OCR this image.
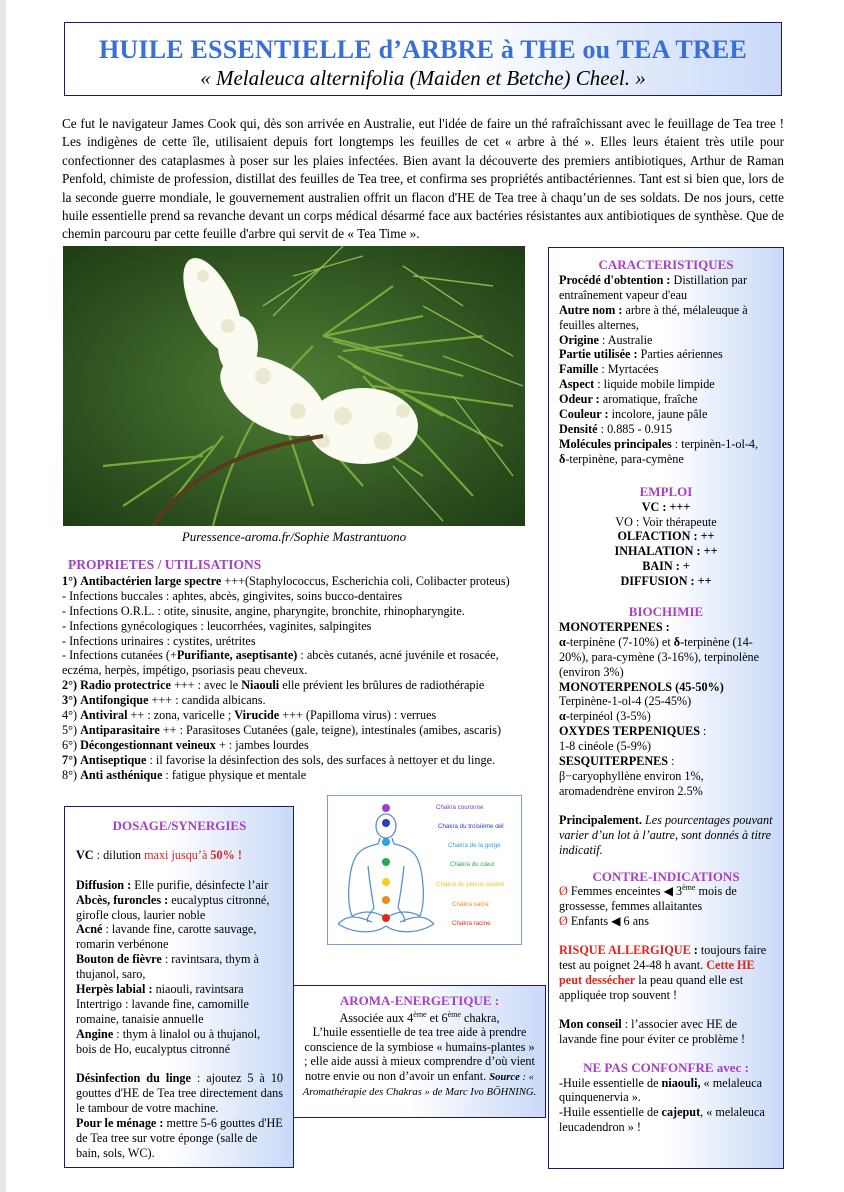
HUILE ESSENTIELLE d’ARBRE à THE ou TEA TREE
« Melaleuca alternifolia (Maiden et Betche) Cheel. »
Ce fut le navigateur James Cook qui, dès son arrivée en Australie, eut l'idée de faire un thé rafraîchissant avec le feuillage de Tea tree ! Les indigènes de cette île, utilisaient depuis fort longtemps les feuilles de cet « arbre à thé ». Elles leurs étaient très utile pour confectionner des cataplasmes à poser sur les plaies infectées. Bien avant la découverte des premiers antibiotiques, Arthur de Raman Penfold, chimiste de profession, distillat des feuilles de Tea tree, et confirma ses propriétés antibactériennes. Tant est si bien que, lors de la seconde guerre mondiale, le gouvernement australien offrit un flacon d'HE de Tea tree à chaqu’un de ses soldats. De nos jours, cette huile essentielle prend sa revanche devant un corps médical désarmé face aux bactéries résistantes aux antibiotiques de synthèse. Que de chemin parcouru par cette feuille d'arbre qui servit de « Tea Time ».
Puressence-aroma.fr/Sophie Mastrantuono
PROPRIETES / UTILISATIONS

1°) Antibactérien large spectre +++(Staphylococcus, Escherichia coli, Colibacter proteus)

- Infections buccales : aphtes, abcès, gingivites, soins bucco-dentaires

- Infections O.R.L. : otite, sinusite, angine, pharyngite, bronchite, rhinopharyngite.

- Infections gynécologiques : leucorrhées, vaginites, salpingites

- Infections urinaires : cystites, urétrites

- Infections cutanées (+Purifiante, aseptisante) : abcès cutanés, acné juvénile et rosacée, eczéma, herpès, impétigo, psoriasis peau cheveux.

2°) Radio protectrice +++ : avec le Niaouli elle prévient les brûlures de radiothérapie

3°) Antifongique +++ : candida albicans.

4°) Antiviral ++ : zona, varicelle ; Virucide +++ (Papilloma virus) : verrues

5°) Antiparasitaire ++ : Parasitoses Cutanées (gale, teigne), intestinales (amibes, ascaris)

6°) Décongestionnant veineux + : jambes lourdes

7°) Antiseptique : il favorise la désinfection des sols, des surfaces à nettoyer et du linge.

8°) Anti asthénique : fatigue physique et mentale

DOSAGE/SYNERGIES

VC : dilution maxi jusqu’à 50% !

Diffusion : Elle purifie, désinfecte l’air

Abcès, furoncles : eucalyptus citronné, girofle clous, laurier noble

Acné : lavande fine, carotte sauvage, romarin verbénone

Bouton de fièvre : ravintsara, thym à thujanol, saro,

Herpès labial : niaouli, ravintsara

Intertrigo : lavande fine, camomille romaine, tanaisie annuelle

Angine : thym à linalol ou à thujanol, bois de Ho, eucalyptus citronné

Désinfection du linge : ajoutez 5 à 10 gouttes d'HE de Tea tree directement dans le tambour de votre machine.

Pour le ménage : mettre 5-6 gouttes d'HE de Tea tree sur votre éponge (salle de bain, sols, WC).

Chakra couronne
Chakra du troisième œil
Chakra de la gorge
Chakra du cœur
Chakra du plexus solaire
Chakra sacré
Chakra racine
AROMA-ENERGETIQUE :

Associée aux 4ème et 6ème chakra,

L’huile essentielle de tea tree aide à prendre conscience de la symbiose « humains-plantes » ; elle aide aussi à mieux comprendre d’où vient notre envie ou non d’avoir un enfant. Source : « Aromathérapie des Chakras » de Marc Ivo BÖHNING.

CARACTERISTIQUES

Procédé d'obtention : Distillation par entraînement vapeur d'eau

Autre nom : arbre à thé, mélaleuque à feuilles alternes,

Origine : Australie

Partie utilisée : Parties aériennes

Famille : Myrtacées

Aspect : liquide mobile limpide

Odeur : aromatique, fraîche

Couleur : incolore, jaune pâle

Densité : 0.885 - 0.915

Molécules principales : terpinèn-1-ol-4,

δ-terpinène, para-cymène

EMPLOI

VC : +++

VO : Voir thérapeute

OLFACTION : ++

INHALATION : ++

BAIN : +

DIFFUSION : ++

BIOCHIMIE

MONOTERPENES :

α-terpinène (7-10%) et δ-terpinène (14-20%), para-cymène (3-16%), terpinolène (environ 3%)

MONOTERPENOLS (45-50%)

Terpinène-1-ol-4 (25-45%)

α-terpinéol (3-5%)

OXYDES TERPENIQUES :

1-8 cinéole (5-9%)

SESQUITERPENES :

β−caryophyllène environ 1%,

aromadendrène environ 2.5%

Principalement. Les pourcentages pouvant varier d’un lot à l’autre, sont donnés à titre indicatif.

CONTRE-INDICATIONS

Ø Femmes enceintes ◀ 3ème mois de grossesse, femmes allaitantes

Ø Enfants ◀ 6 ans

RISQUE ALLERGIQUE : toujours faire test au poignet 24-48 h avant. Cette HE peut dessécher la peau quand elle est appliquée trop souvent !

Mon conseil : l’associer avec HE de lavande fine pour éviter ce problème !

NE PAS CONFONFRE avec :

-Huile essentielle de niaouli, « melaleuca quinquenervia ».

-Huile essentielle de cajeput, « melaleuca leucadendron » !
